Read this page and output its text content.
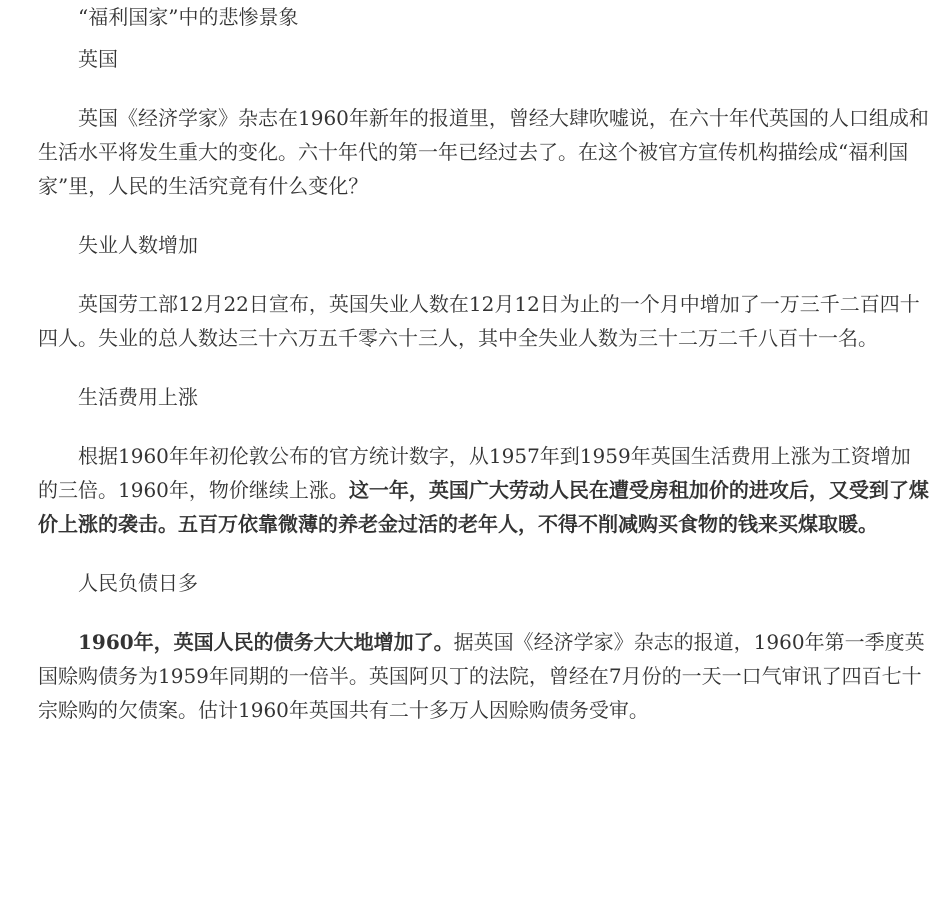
“福利国家”中的悲惨景象

英国

英国《经济学家》杂志在1960年新年的报道里，曾经大肆吹嘘说，在六十年代英国的人口组成和生活水平将发生重大的变化。六十年代的第一年已经过去了。在这个被官方宣传机构描绘成“福利国家”里，人民的生活究竟有什么变化？

失业人数增加

英国劳工部12月22日宣布，英国失业人数在12月12日为止的一个月中增加了一万三千二百四十四人。失业的总人数达三十六万五千零六十三人，其中全失业人数为三十二万二千八百十一名。

生活费用上涨

根据1960年年初伦敦公布的官方统计数字，从1957年到1959年英国生活费用上涨为工资增加的三倍。1960年，物价继续上涨。这一年，英国广大劳动人民在遭受房租加价的进攻后，又受到了煤价上涨的袭击。五百万依靠微薄的养老金过活的老年人，不得不削减购买食物的钱来买煤取暖。

人民负债日多

1960年，英国人民的债务大大地增加了。据英国《经济学家》杂志的报道，1960年第一季度英国赊购债务为1959年同期的一倍半。英国阿贝丁的法院，曾经在7月份的一天一口气审讯了四百七十宗赊购的欠债案。估计1960年英国共有二十多万人因赊购债务受审。
